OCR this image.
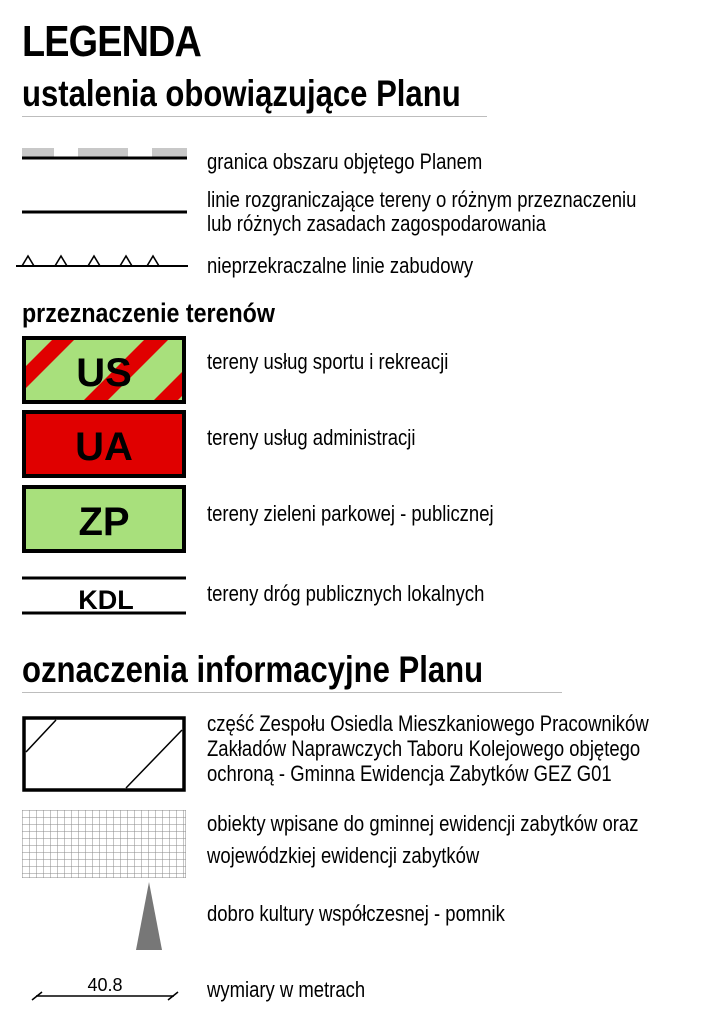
LEGENDA
ustalenia obowiązujące Planu
granica obszaru objętego Planem
linie rozgraniczające tereny o różnym przeznaczeniu
lub różnych zasadach zagospodarowania
nieprzekraczalne linie zabudowy
przeznaczenie terenów
US	tereny usług sportu i rekreacji
UA	tereny usług administracji
ZP	tereny zieleni parkowej - publicznej
KDL	tereny dróg publicznych lokalnych
oznaczenia informacyjne Planu
część Zespołu Osiedla Mieszkaniowego Pracowników
Zakładów Naprawczych Taboru Kolejowego objętego
ochroną - Gminna Ewidencja Zabytków GEZ G01
obiekty wpisane do gminnej ewidencji zabytków oraz
wojewódzkiej ewidencji zabytków
dobro kultury współczesnej - pomnik
40.8	wymiary w metrach
